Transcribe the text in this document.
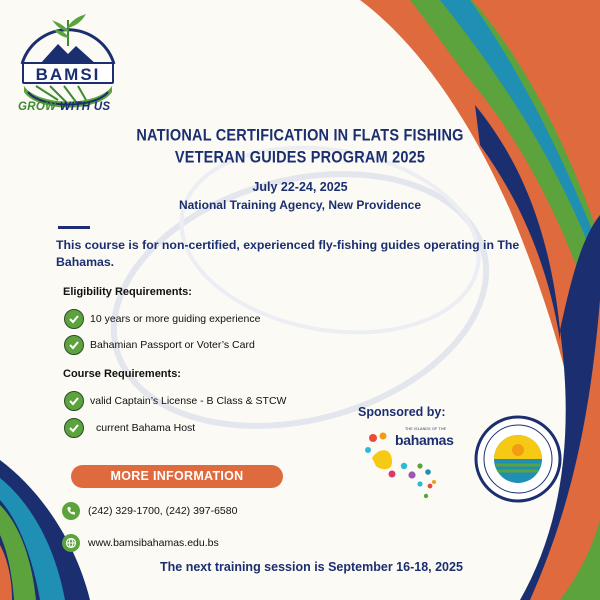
BAMSI
GROW WITH US
NATIONAL CERTIFICATION IN FLATS FISHING
VETERAN GUIDES PROGRAM 2025
July 22-24, 2025
National Training Agency, New Providence
This course is for non-certified, experienced fly-fishing guides operating in The Bahamas.
Eligibility Requirements:
10 years or more guiding experience
Bahamian Passport or Voter’s Card
Course Requirements:
valid Captain’s License - B Class & STCW
current Bahama Host
MORE INFORMATION
(242) 329-1700, (242) 397-6580
www.bamsibahamas.edu.bs
Sponsored by:
THE ISLANDS OF THE
bahamas
The next training session is September 16-18, 2025
